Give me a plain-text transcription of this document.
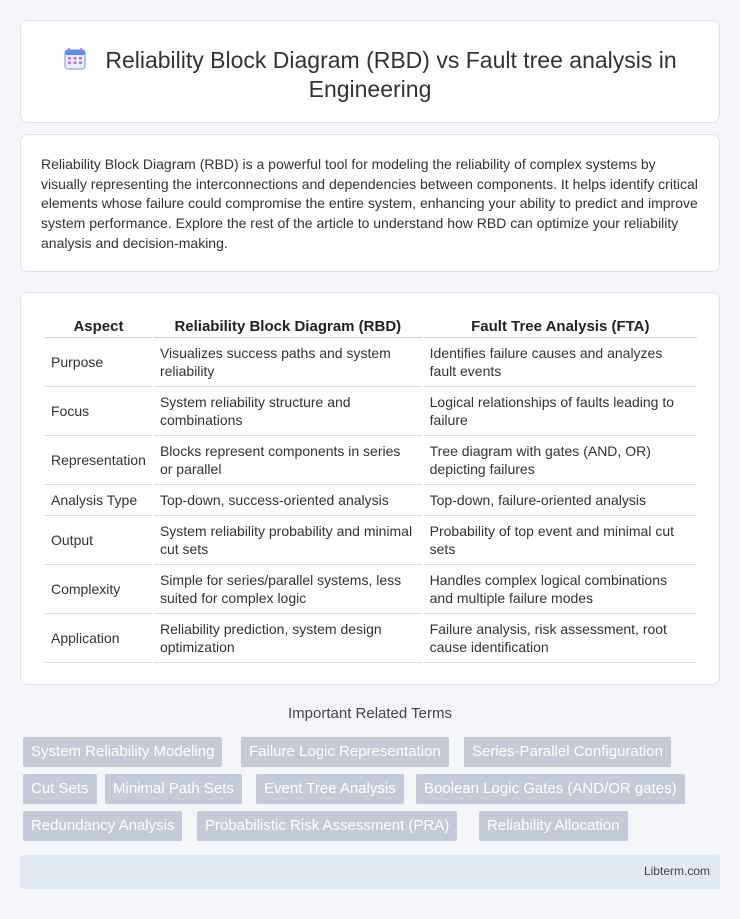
Reliability Block Diagram (RBD) vs Fault tree analysis in Engineering

Reliability Block Diagram (RBD) is a powerful tool for modeling the reliability of complex systems by visually representing the interconnections and dependencies between components. It helps identify critical elements whose failure could compromise the entire system, enhancing your ability to predict and improve system performance. Explore the rest of the article to understand how RBD can optimize your reliability analysis and decision-making.

Aspect	Reliability Block Diagram (RBD)	Fault Tree Analysis (FTA)
Purpose	Visualizes success paths and system reliability	Identifies failure causes and analyzes fault events
Focus	System reliability structure and combinations	Logical relationships of faults leading to failure
Representation	Blocks represent components in series or parallel	Tree diagram with gates (AND, OR) depicting failures
Analysis Type	Top-down, success-oriented analysis	Top-down, failure-oriented analysis
Output	System reliability probability and minimal cut sets	Probability of top event and minimal cut sets
Complexity	Simple for series/parallel systems, less suited for complex logic	Handles complex logical combinations and multiple failure modes
Application	Reliability prediction, system design optimization	Failure analysis, risk assessment, root cause identification
Important Related Terms
System Reliability Modeling	Failure Logic Representation	Series-Parallel Configuration
Cut Sets	Minimal Path Sets	Event Tree Analysis	Boolean Logic Gates (AND/OR gates)
Redundancy Analysis	Probabilistic Risk Assessment (PRA)	Reliability Allocation
Libterm.com
